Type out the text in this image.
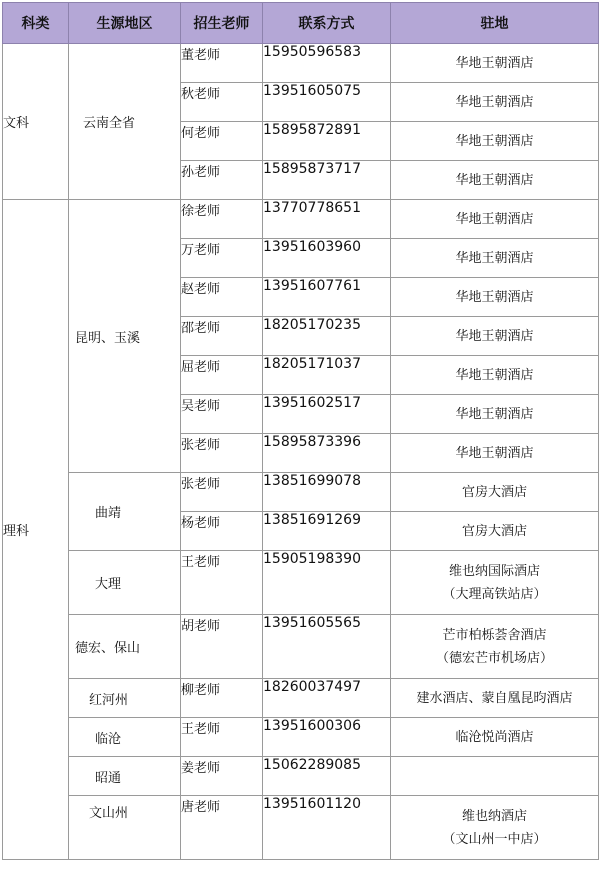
科类	生源地区	招生老师	联系方式	驻地
文科	云南全省	董老师	15950596583	华地王朝酒店
		秋老师	13951605075	华地王朝酒店
		何老师	15895872891	华地王朝酒店
		孙老师	15895873717	华地王朝酒店
理科	昆明、玉溪	徐老师	13770778651	华地王朝酒店
		万老师	13951603960	华地王朝酒店
		赵老师	13951607761	华地王朝酒店
		邵老师	18205170235	华地王朝酒店
		屈老师	18205171037	华地王朝酒店
		吴老师	13951602517	华地王朝酒店
		张老师	15895873396	华地王朝酒店
	曲靖	张老师	13851699078	官房大酒店
		杨老师	13851691269	官房大酒店
	大理	王老师	15905198390	维也纳国际酒店
（大理高铁站店）

	德宏、保山	胡老师	13951605565	芒市柏栎荟舍酒店
（德宏芒市机场店）

	红河州	柳老师	18260037497	建水酒店、蒙自凰昆昀酒店
	临沧	王老师	13951600306	临沧悦尚酒店
	昭通	姜老师	15062289085	
	文山州	唐老师	13951601120	维也纳酒店
（文山州一中店）
